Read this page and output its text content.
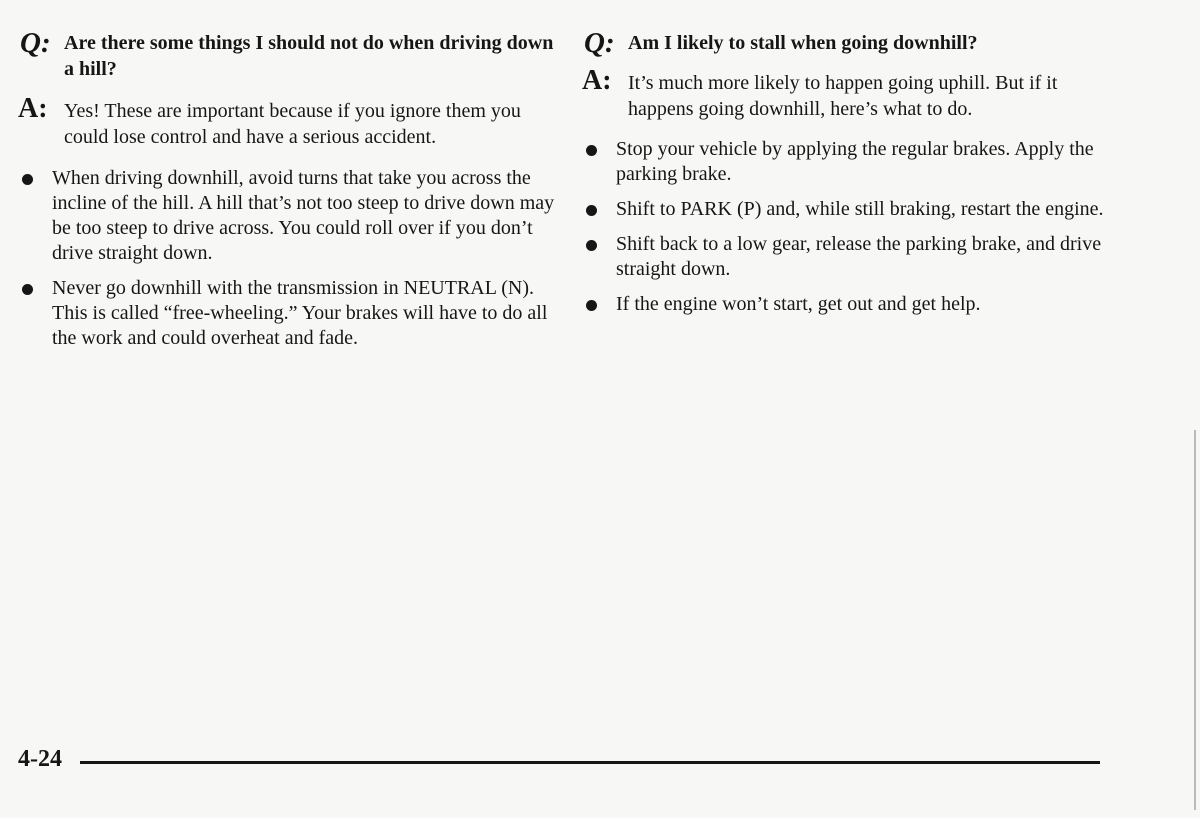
Q: Are there some things I should not do when driving down a hill?
A: Yes! These are important because if you ignore them you could lose control and have a serious accident.
When driving downhill, avoid turns that take you across the incline of the hill. A hill that’s not too steep to drive down may be too steep to drive across. You could roll over if you don’t drive straight down.
Never go downhill with the transmission in NEUTRAL (N). This is called “free-wheeling.” Your brakes will have to do all the work and could overheat and fade.
Q: Am I likely to stall when going downhill?
A: It’s much more likely to happen going uphill. But if it happens going downhill, here’s what to do.
Stop your vehicle by applying the regular brakes. Apply the parking brake.
Shift to PARK (P) and, while still braking, restart the engine.
Shift back to a low gear, release the parking brake, and drive straight down.
If the engine won’t start, get out and get help.
4-24
